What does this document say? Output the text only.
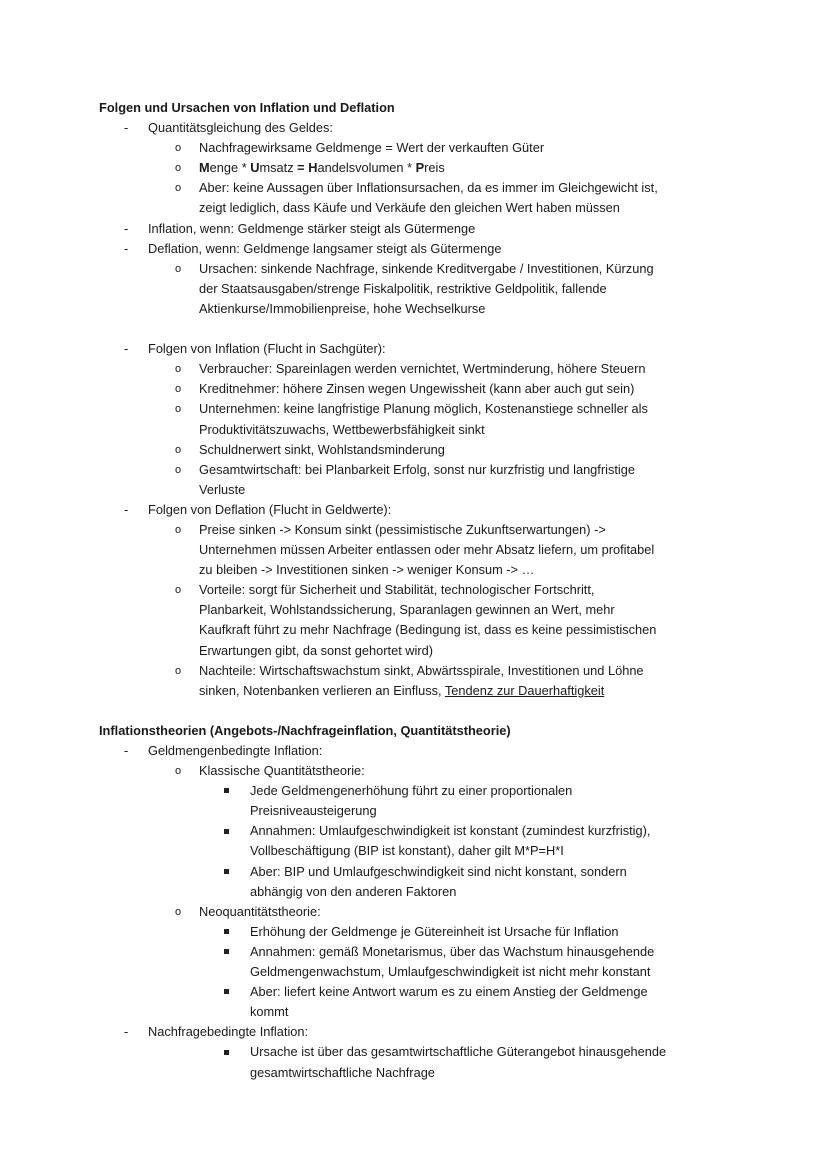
Folgen und Ursachen von Inflation und Deflation
- Quantitätsgleichung des Geldes:
o Nachfragewirksame Geldmenge = Wert der verkauften Güter
o Menge * Umsatz = Handelsvolumen * Preis
o Aber: keine Aussagen über Inflationsursachen, da es immer im Gleichgewicht ist,
zeigt lediglich, dass Käufe und Verkäufe den gleichen Wert haben müssen
- Inflation, wenn: Geldmenge stärker steigt als Gütermenge
- Deflation, wenn: Geldmenge langsamer steigt als Gütermenge
o Ursachen: sinkende Nachfrage, sinkende Kreditvergabe / Investitionen, Kürzung
der Staatsausgaben/strenge Fiskalpolitik, restriktive Geldpolitik, fallende
Aktienkurse/Immobilienpreise, hohe Wechselkurse
- Folgen von Inflation (Flucht in Sachgüter):
o Verbraucher: Spareinlagen werden vernichtet, Wertminderung, höhere Steuern
o Kreditnehmer: höhere Zinsen wegen Ungewissheit (kann aber auch gut sein)
o Unternehmen: keine langfristige Planung möglich, Kostenanstiege schneller als
Produktivitätszuwachs, Wettbewerbsfähigkeit sinkt
o Schuldnerwert sinkt, Wohlstandsminderung
o Gesamtwirtschaft: bei Planbarkeit Erfolg, sonst nur kurzfristig und langfristige
Verluste
- Folgen von Deflation (Flucht in Geldwerte):
o Preise sinken -> Konsum sinkt (pessimistische Zukunftserwartungen) ->
Unternehmen müssen Arbeiter entlassen oder mehr Absatz liefern, um profitabel
zu bleiben -> Investitionen sinken -> weniger Konsum -> …
o Vorteile: sorgt für Sicherheit und Stabilität, technologischer Fortschritt,
Planbarkeit, Wohlstandssicherung, Sparanlagen gewinnen an Wert, mehr
Kaufkraft führt zu mehr Nachfrage (Bedingung ist, dass es keine pessimistischen
Erwartungen gibt, da sonst gehortet wird)
o Nachteile: Wirtschaftswachstum sinkt, Abwärtsspirale, Investitionen und Löhne
sinken, Notenbanken verlieren an Einfluss, Tendenz zur Dauerhaftigkeit
Inflationstheorien (Angebots-/Nachfrageinflation, Quantitätstheorie)
- Geldmengenbedingte Inflation:
o Klassische Quantitätstheorie:
Jede Geldmengenerhöhung führt zu einer proportionalen
Preisniveausteigerung
Annahmen: Umlaufgeschwindigkeit ist konstant (zumindest kurzfristig),
Vollbeschäftigung (BIP ist konstant), daher gilt M*P=H*I
Aber: BIP und Umlaufgeschwindigkeit sind nicht konstant, sondern
abhängig von den anderen Faktoren
o Neoquantitätstheorie:
Erhöhung der Geldmenge je Gütereinheit ist Ursache für Inflation
Annahmen: gemäß Monetarismus, über das Wachstum hinausgehende
Geldmengenwachstum, Umlaufgeschwindigkeit ist nicht mehr konstant
Aber: liefert keine Antwort warum es zu einem Anstieg der Geldmenge
kommt
- Nachfragebedingte Inflation:
Ursache ist über das gesamtwirtschaftliche Güterangebot hinausgehende
gesamtwirtschaftliche Nachfrage
